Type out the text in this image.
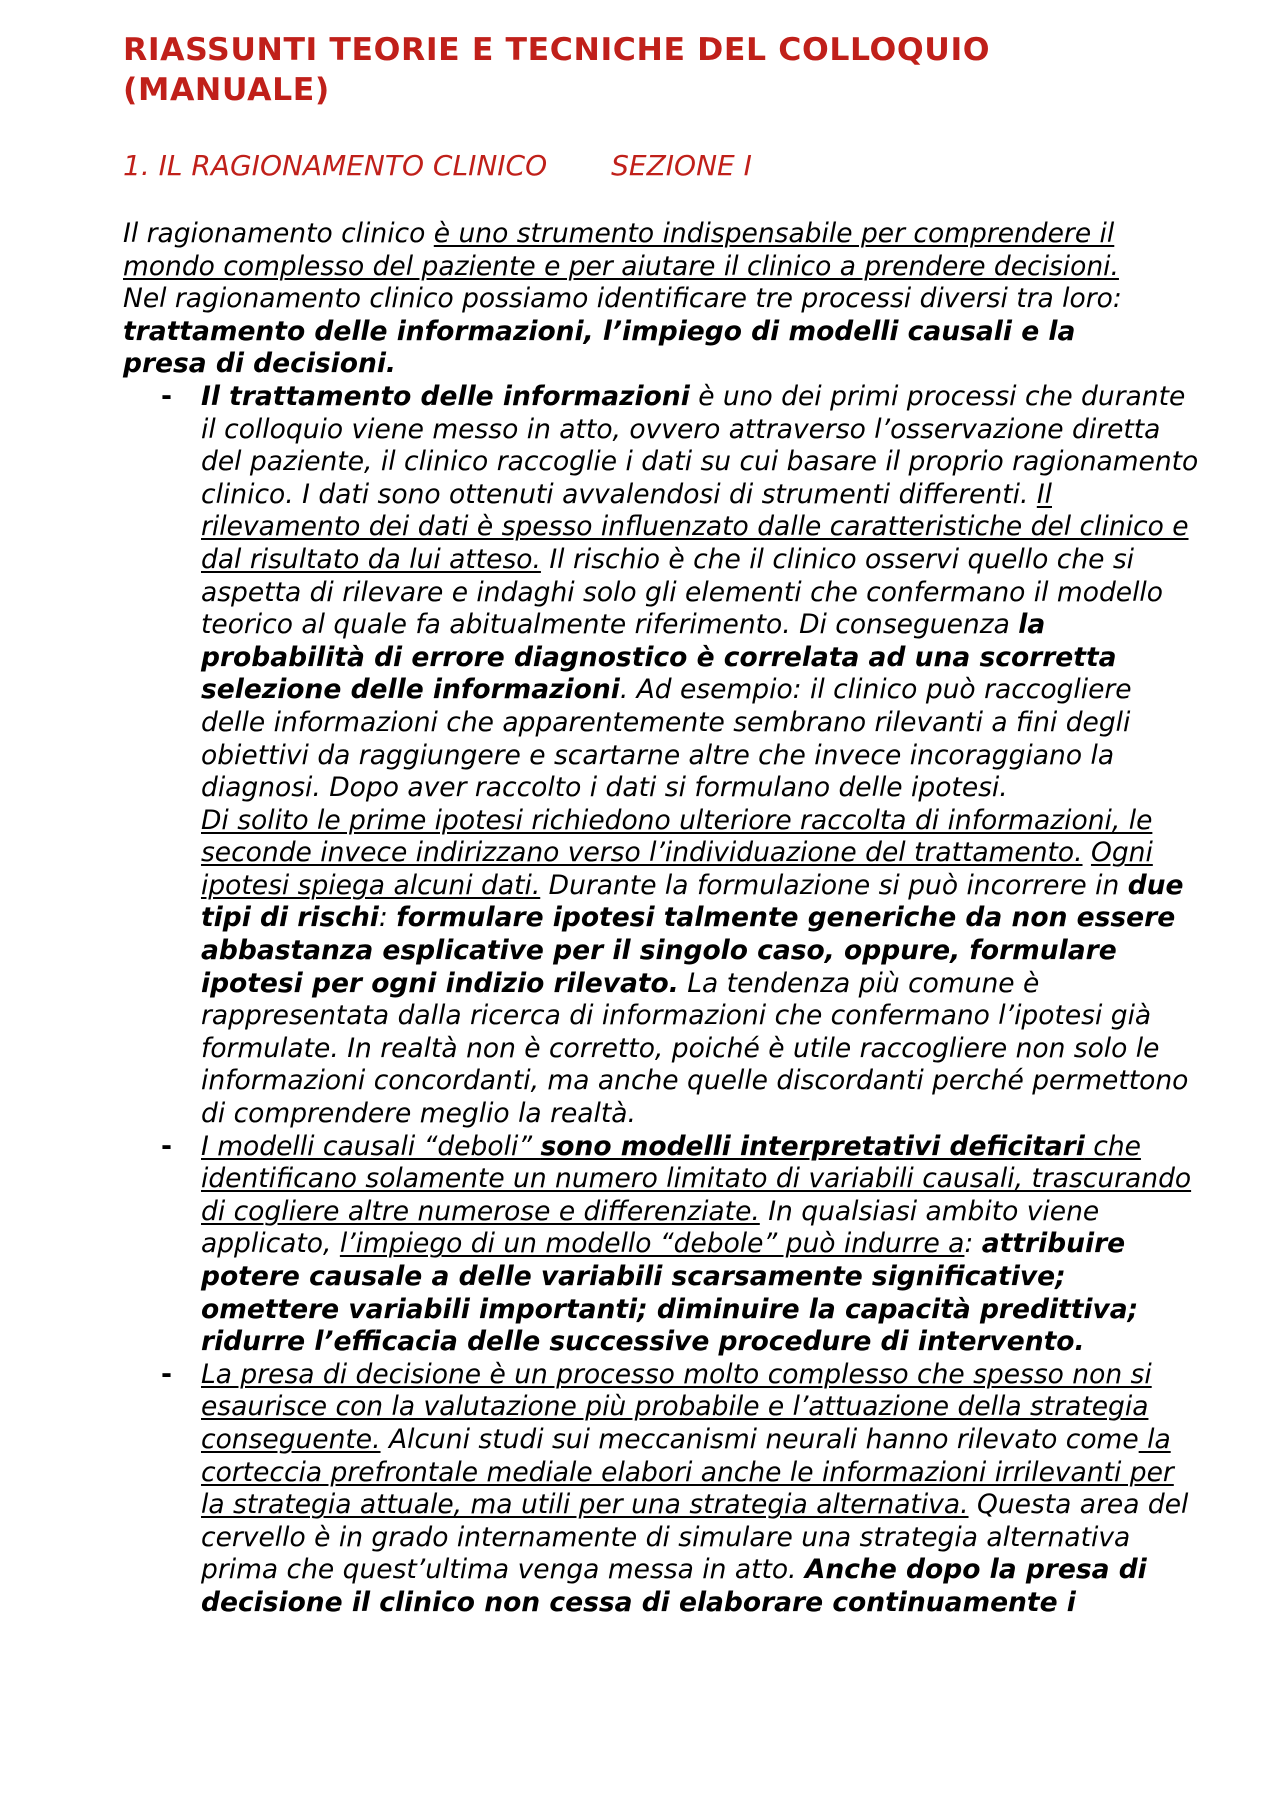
RIASSUNTI TEORIE E TECNICHE DEL COLLOQUIO (MANUALE)

1. IL RAGIONAMENTO CLINICO SEZIONE I

Il ragionamento clinico è uno strumento indispensabile per comprendere il mondo complesso del paziente e per aiutare il clinico a prendere decisioni. Nel ragionamento clinico possiamo identificare tre processi diversi tra loro: trattamento delle informazioni, l’impiego di modelli causali e la presa di decisioni.

- Il trattamento delle informazioni è uno dei primi processi che durante il colloquio viene messo in atto, ovvero attraverso l’osservazione diretta del paziente, il clinico raccoglie i dati su cui basare il proprio ragionamento clinico. I dati sono ottenuti avvalendosi di strumenti differenti. Il rilevamento dei dati è spesso influenzato dalle caratteristiche del clinico e dal risultato da lui atteso. Il rischio è che il clinico osservi quello che si aspetta di rilevare e indaghi solo gli elementi che confermano il modello teorico al quale fa abitualmente riferimento. Di conseguenza la probabilità di errore diagnostico è correlata ad una scorretta selezione delle informazioni. Ad esempio: il clinico può raccogliere delle informazioni che apparentemente sembrano rilevanti a fini degli obiettivi da raggiungere e scartarne altre che invece incoraggiano la diagnosi. Dopo aver raccolto i dati si formulano delle ipotesi.
Di solito le prime ipotesi richiedono ulteriore raccolta di informazioni, le seconde invece indirizzano verso l’individuazione del trattamento. Ogni ipotesi spiega alcuni dati. Durante la formulazione si può incorrere in due tipi di rischi: formulare ipotesi talmente generiche da non essere abbastanza esplicative per il singolo caso, oppure, formulare ipotesi per ogni indizio rilevato. La tendenza più comune è rappresentata dalla ricerca di informazioni che confermano l’ipotesi già formulate. In realtà non è corretto, poiché è utile raccogliere non solo le informazioni concordanti, ma anche quelle discordanti perché permettono di comprendere meglio la realtà.
- I modelli causali “deboli” sono modelli interpretativi deficitari che identificano solamente un numero limitato di variabili causali, trascurando di cogliere altre numerose e differenziate. In qualsiasi ambito viene applicato, l’impiego di un modello “debole” può indurre a: attribuire potere causale a delle variabili scarsamente significative; omettere variabili importanti; diminuire la capacità predittiva; ridurre l’efficacia delle successive procedure di intervento.
- La presa di decisione è un processo molto complesso che spesso non si esaurisce con la valutazione più probabile e l’attuazione della strategia conseguente. Alcuni studi sui meccanismi neurali hanno rilevato come la corteccia prefrontale mediale elabori anche le informazioni irrilevanti per la strategia attuale, ma utili per una strategia alternativa. Questa area del cervello è in grado internamente di simulare una strategia alternativa prima che quest’ultima venga messa in atto. Anche dopo la presa di decisione il clinico non cessa di elaborare continuamente i
